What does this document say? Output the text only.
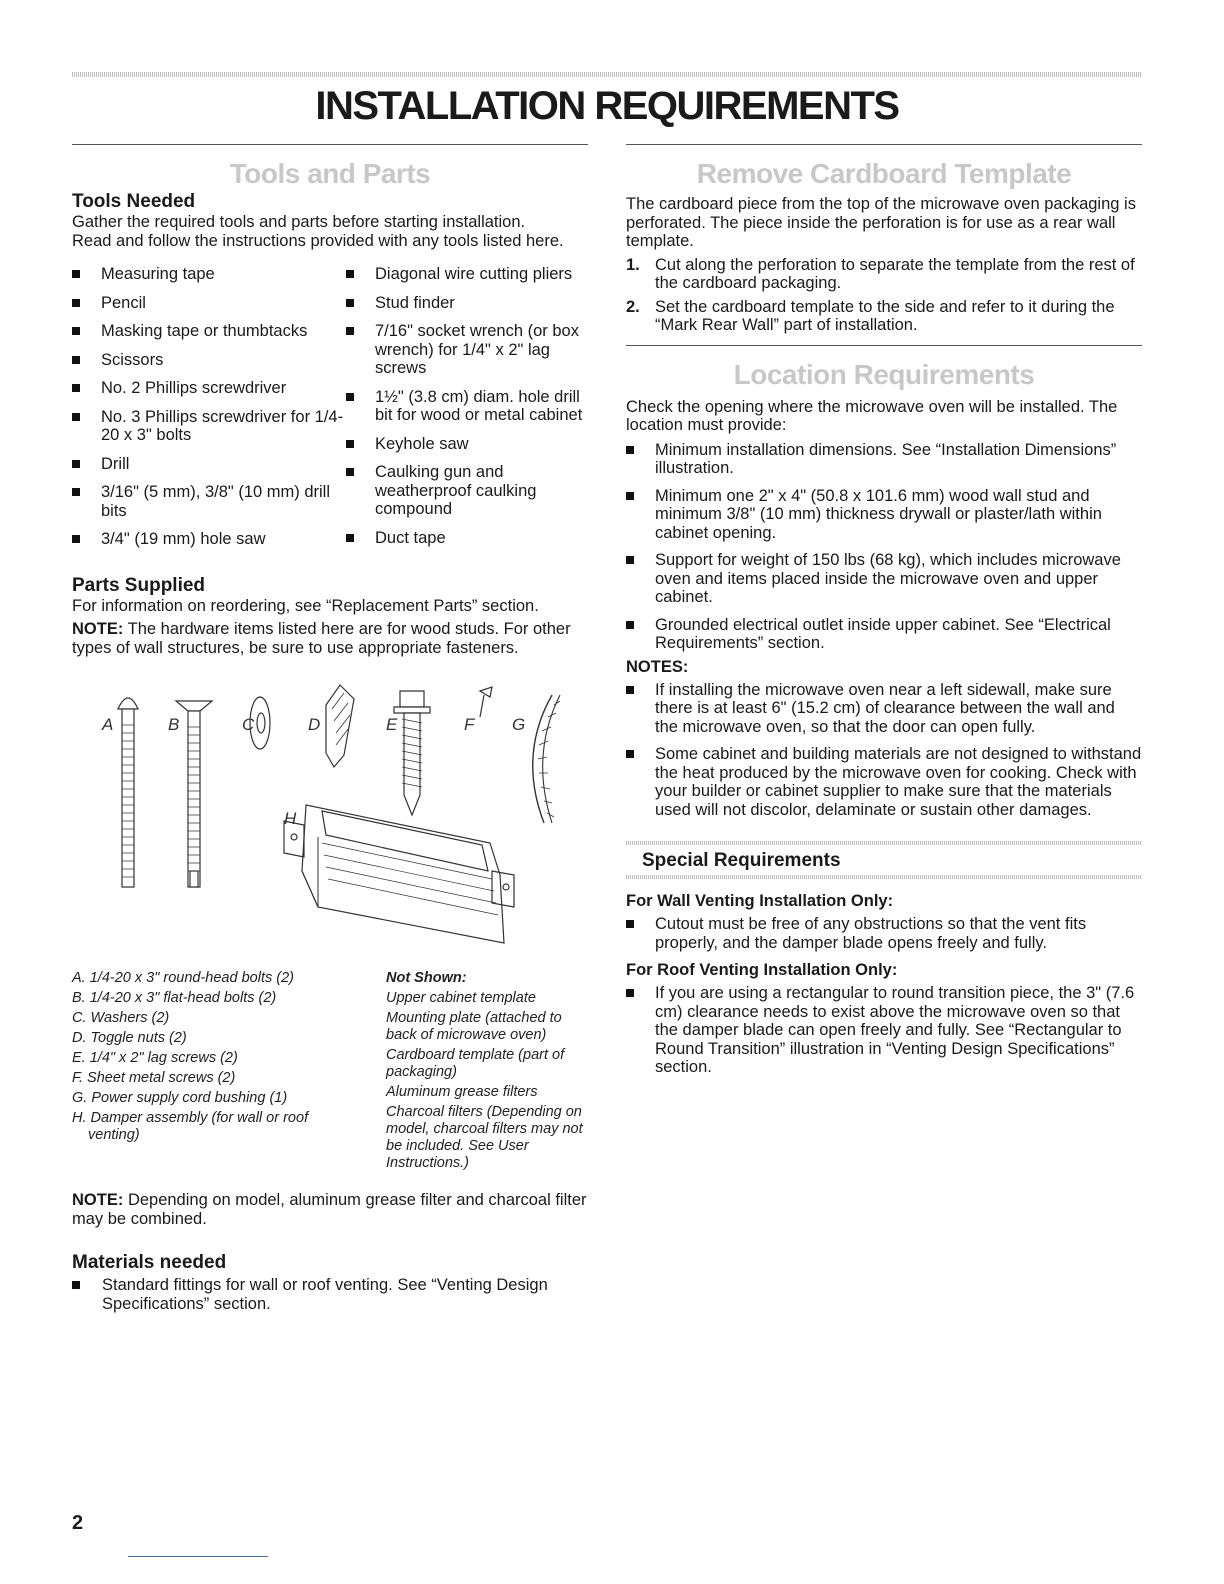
INSTALLATION REQUIREMENTS
Tools and Parts
Tools Needed

Gather the required tools and parts before starting installation. Read and follow the instructions provided with any tools listed here.

Measuring tape
Pencil
Masking tape or thumbtacks
Scissors
No. 2 Phillips screwdriver
No. 3 Phillips screwdriver for 1/4-20 x 3" bolts
Drill
3/16" (5 mm), 3/8" (10 mm) drill bits
3/4" (19 mm) hole saw
Diagonal wire cutting pliers
Stud finder
7/16" socket wrench (or box wrench) for 1/4" x 2" lag screws
1½" (3.8 cm) diam. hole drill bit for wood or metal cabinet
Keyhole saw
Caulking gun and weatherproof caulking compound
Duct tape
Parts Supplied

For information on reordering, see “Replacement Parts” section.

NOTE: The hardware items listed here are for wood studs. For other types of wall structures, be sure to use appropriate fasteners.

A	B	C	D	E	F G
H

A. 1/4-20 x 3" round-head bolts (2)

B. 1/4-20 x 3" flat-head bolts (2)

C. Washers (2)

D. Toggle nuts (2)

E. 1/4" x 2" lag screws (2)

F. Sheet metal screws (2)

G. Power supply cord bushing (1)

H. Damper assembly (for wall or roof venting)

Not Shown:

Upper cabinet template

Mounting plate (attached to back of microwave oven)

Cardboard template (part of packaging)

Aluminum grease filters

Charcoal filters (Depending on model, charcoal filters may not be included. See User Instructions.)

NOTE: Depending on model, aluminum grease filter and charcoal filter may be combined.

Materials needed
Standard fittings for wall or roof venting. See “Venting Design Specifications” section.
Remove Cardboard Template

The cardboard piece from the top of the microwave oven packaging is perforated. The piece inside the perforation is for use as a rear wall template.

1. Cut along the perforation to separate the template from the rest of the cardboard packaging.
2. Set the cardboard template to the side and refer to it during the “Mark Rear Wall” part of installation.
Location Requirements

Check the opening where the microwave oven will be installed. The location must provide:

Minimum installation dimensions. See “Installation Dimensions” illustration.
Minimum one 2" x 4" (50.8 x 101.6 mm) wood wall stud and minimum 3/8" (10 mm) thickness drywall or plaster/lath within cabinet opening.
Support for weight of 150 lbs (68 kg), which includes microwave oven and items placed inside the microwave oven and upper cabinet.
Grounded electrical outlet inside upper cabinet. See “Electrical Requirements” section.
NOTES:
If installing the microwave oven near a left sidewall, make sure there is at least 6" (15.2 cm) of clearance between the wall and the microwave oven, so that the door can open fully.
Some cabinet and building materials are not designed to withstand the heat produced by the microwave oven for cooking. Check with your builder or cabinet supplier to make sure that the materials used will not discolor, delaminate or sustain other damages.
Special Requirements
For Wall Venting Installation Only:
Cutout must be free of any obstructions so that the vent fits properly, and the damper blade opens freely and fully.
For Roof Venting Installation Only:
If you are using a rectangular to round transition piece, the 3" (7.6 cm) clearance needs to exist above the microwave oven so that the damper blade can open freely and fully. See “Rectangular to Round Transition” illustration in “Venting Design Specifications” section.

2
